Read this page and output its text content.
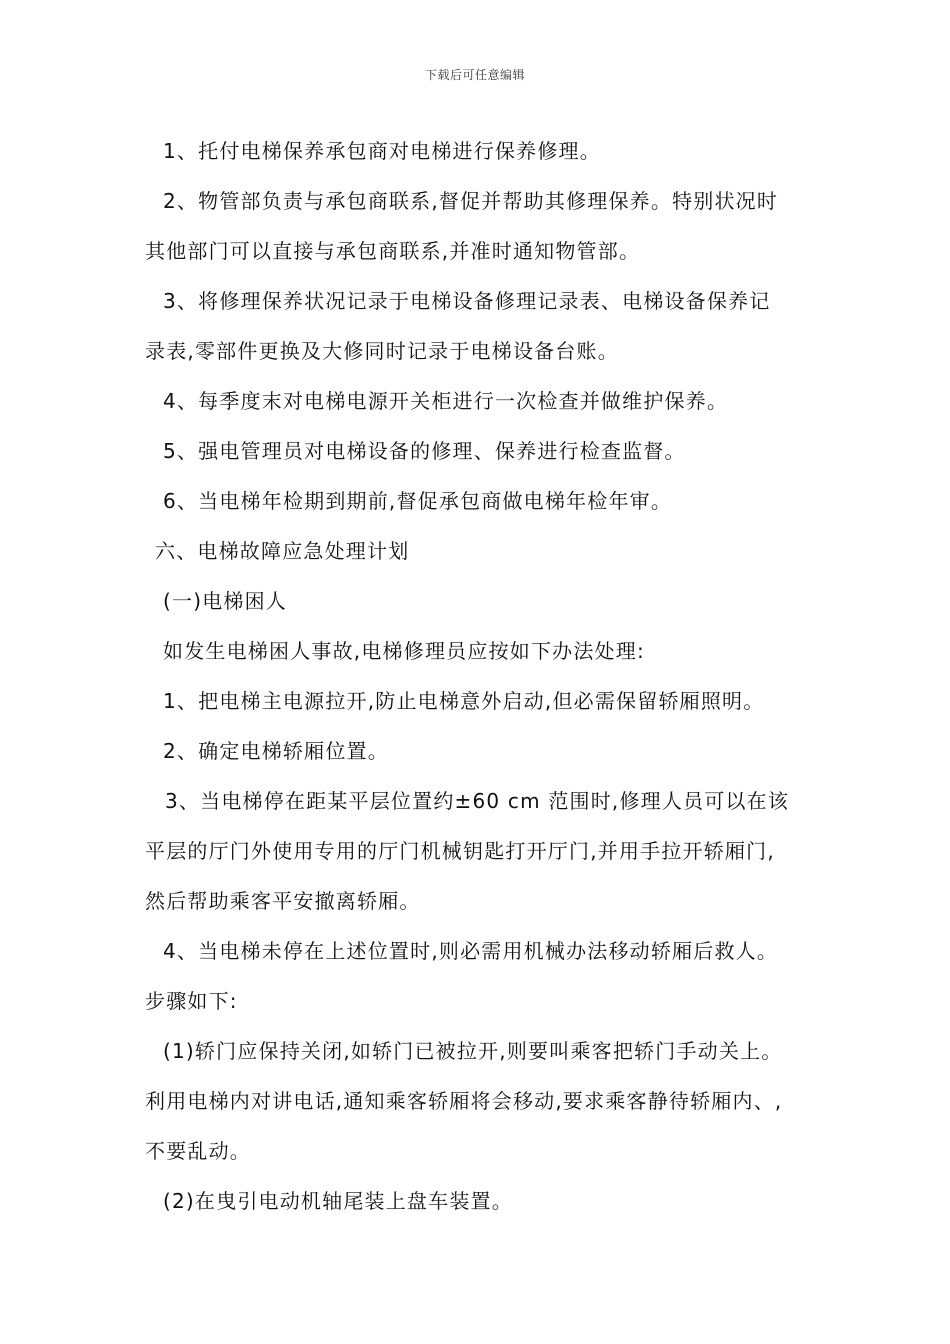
下载后可任意编辑
1、托付电梯保养承包商对电梯进行保养修理。
2、物管部负责与承包商联系,督促并帮助其修理保养。特别状况时
其他部门可以直接与承包商联系,并准时通知物管部。
3、将修理保养状况记录于电梯设备修理记录表、电梯设备保养记
录表,零部件更换及大修同时记录于电梯设备台账。
4、每季度末对电梯电源开关柜进行一次检查并做维护保养。
5、强电管理员对电梯设备的修理、保养进行检查监督。
6、当电梯年检期到期前,督促承包商做电梯年检年审。
六、电梯故障应急处理计划
(一)电梯困人
如发生电梯困人事故,电梯修理员应按如下办法处理:
1、把电梯主电源拉开,防止电梯意外启动,但必需保留轿厢照明。
2、确定电梯轿厢位置。
3、当电梯停在距某平层位置约±60 cm 范围时,修理人员可以在该
平层的厅门外使用专用的厅门机械钥匙打开厅门,并用手拉开轿厢门,
然后帮助乘客平安撤离轿厢。
4、当电梯未停在上述位置时,则必需用机械办法移动轿厢后救人。
步骤如下:
(1)轿门应保持关闭,如轿门已被拉开,则要叫乘客把轿门手动关上。
利用电梯内对讲电话,通知乘客轿厢将会移动,要求乘客静待轿厢内、,
不要乱动。
(2)在曳引电动机轴尾装上盘车装置。
